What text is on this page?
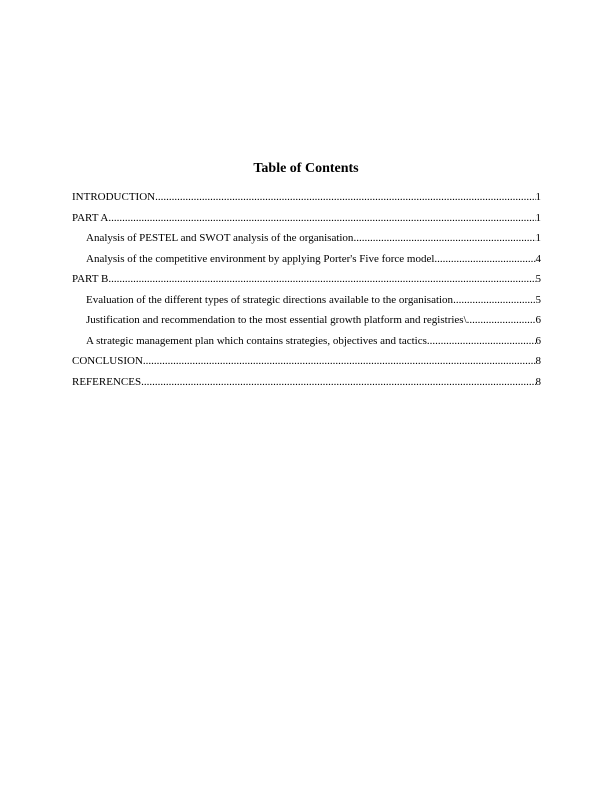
Table of Contents
INTRODUCTION .....	1
PART A .....	1
Analysis of PESTEL and SWOT analysis of the organisation .....	1
Analysis of the competitive environment by applying Porter's Five force model .....	4
PART B .....	5
Evaluation of the different types of strategic directions available to the organisation .....	5
Justification and recommendation to the most essential growth platform and registries\ .....	6
A strategic management plan which contains strategies, objectives and tactics .....	6
CONCLUSION .....	8
REFERENCES .....	8
